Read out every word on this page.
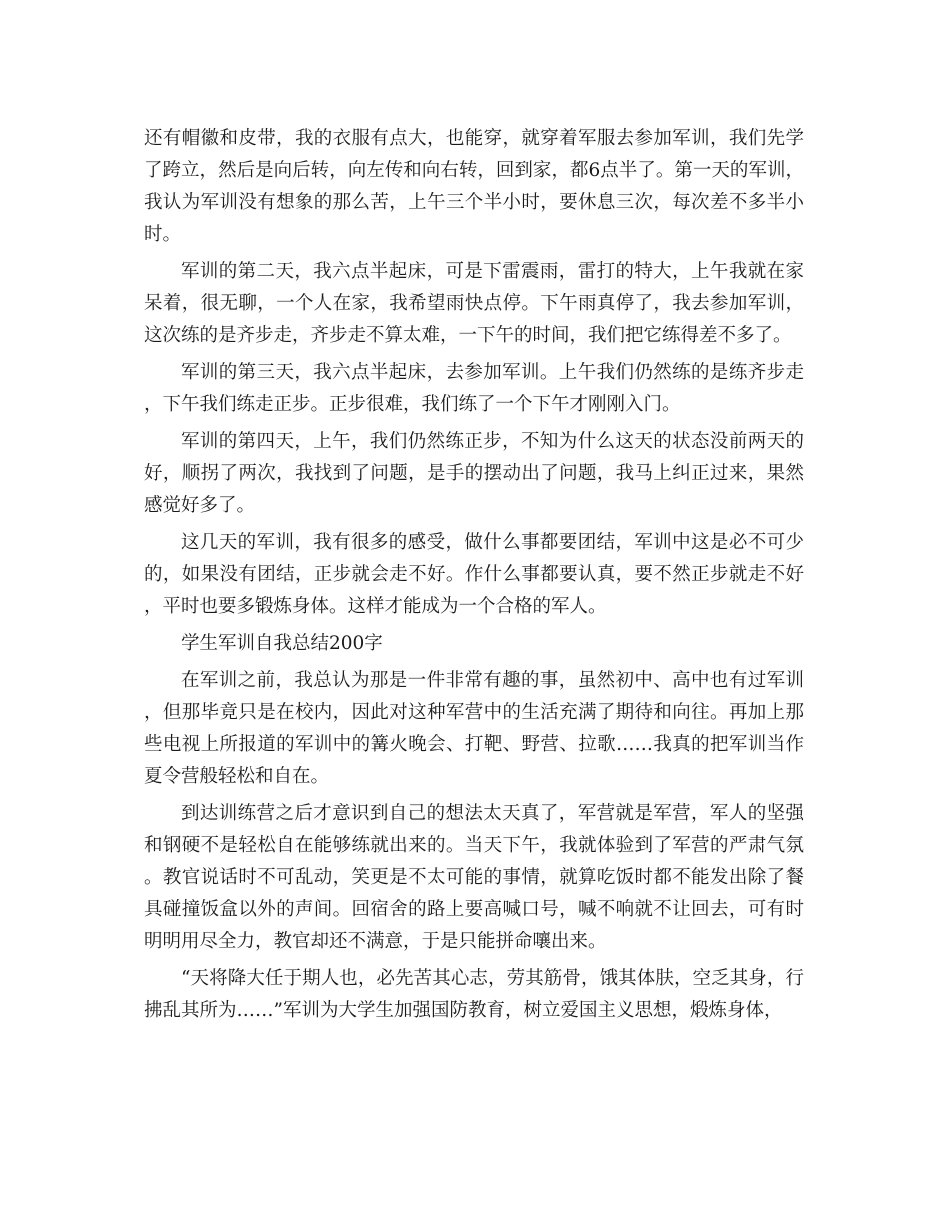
还有帽徽和皮带，我的衣服有点大，也能穿，就穿着军服去参加军训，我们先学了跨立，然后是向后转，向左传和向右转，回到家，都6点半了。第一天的军训，我认为军训没有想象的那么苦，上午三个半小时，要休息三次，每次差不多半小时。

军训的第二天，我六点半起床，可是下雷震雨，雷打的特大，上午我就在家呆着，很无聊，一个人在家，我希望雨快点停。下午雨真停了，我去参加军训，这次练的是齐步走，齐步走不算太难，一下午的时间，我们把它练得差不多了。

军训的第三天，我六点半起床，去参加军训。上午我们仍然练的是练齐步走，下午我们练走正步。正步很难，我们练了一个下午才刚刚入门。

军训的第四天，上午，我们仍然练正步，不知为什么这天的状态没前两天的好，顺拐了两次，我找到了问题，是手的摆动出了问题，我马上纠正过来，果然感觉好多了。

这几天的军训，我有很多的感受，做什么事都要团结，军训中这是必不可少的，如果没有团结，正步就会走不好。作什么事都要认真，要不然正步就走不好，平时也要多锻炼身体。这样才能成为一个合格的军人。

学生军训自我总结200字

在军训之前，我总认为那是一件非常有趣的事，虽然初中、高中也有过军训，但那毕竟只是在校内，因此对这种军营中的生活充满了期待和向往。再加上那些电视上所报道的军训中的篝火晚会、打靶、野营、拉歌……我真的把军训当作夏令营般轻松和自在。

到达训练营之后才意识到自己的想法太天真了，军营就是军营，军人的坚强和钢硬不是轻松自在能够练就出来的。当天下午，我就体验到了军营的严肃气氛。教官说话时不可乱动，笑更是不太可能的事情，就算吃饭时都不能发出除了餐具碰撞饭盒以外的声间。回宿舍的路上要高喊口号，喊不响就不让回去，可有时明明用尽全力，教官却还不满意，于是只能拼命嚷出来。

“天将降大任于期人也，必先苦其心志，劳其筋骨，饿其体肤，空乏其身，行拂乱其所为……”军训为大学生加强国防教育，树立爱国主义思想，煅炼身体，
